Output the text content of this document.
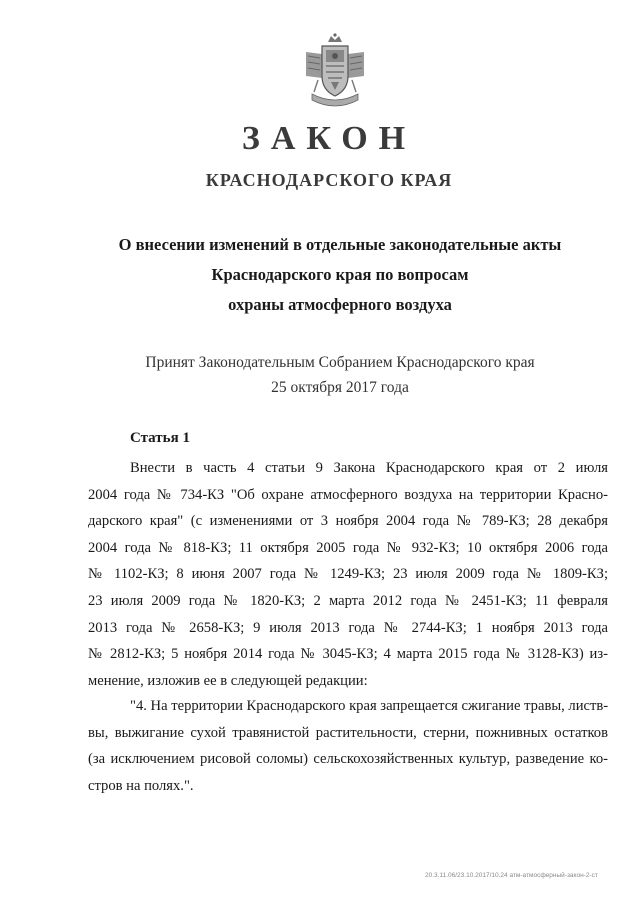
ЗАКОН
КРАСНОДАРСКОГО КРАЯ
О внесении изменений в отдельные законодательные акты
Краснодарского края по вопросам
охраны атмосферного воздуха
Принят Законодательным Собранием Краснодарского края
25 октября 2017 года
Статья 1
Внести в часть 4 статьи 9 Закона Краснодарского края от 2 июля
2004 года № 734-КЗ "Об охране атмосферного воздуха на территории Красно-
дарского края" (с изменениями от 3 ноября 2004 года № 789-КЗ; 28 декабря
2004 года № 818-КЗ; 11 октября 2005 года № 932-КЗ; 10 октября 2006 года
№ 1102-КЗ; 8 июня 2007 года № 1249-КЗ; 23 июля 2009 года № 1809-КЗ;
23 июля 2009 года № 1820-КЗ; 2 марта 2012 года № 2451-КЗ; 11 февраля
2013 года № 2658-КЗ; 9 июля 2013 года № 2744-КЗ; 1 ноября 2013 года
№ 2812-КЗ; 5 ноября 2014 года № 3045-КЗ; 4 марта 2015 года № 3128-КЗ) из-
менение, изложив ее в следующей редакции:
"4. На территории Краснодарского края запрещается сжигание травы, листв-
вы, выжигание сухой травянистой растительности, стерни, пожнивных остатков
(за исключением рисовой соломы) сельскохозяйственных культур, разведение ко-
стров на полях.".
20.3.11.06/23.10.2017/10.24 атм-атмосферный-закон-2-ст
